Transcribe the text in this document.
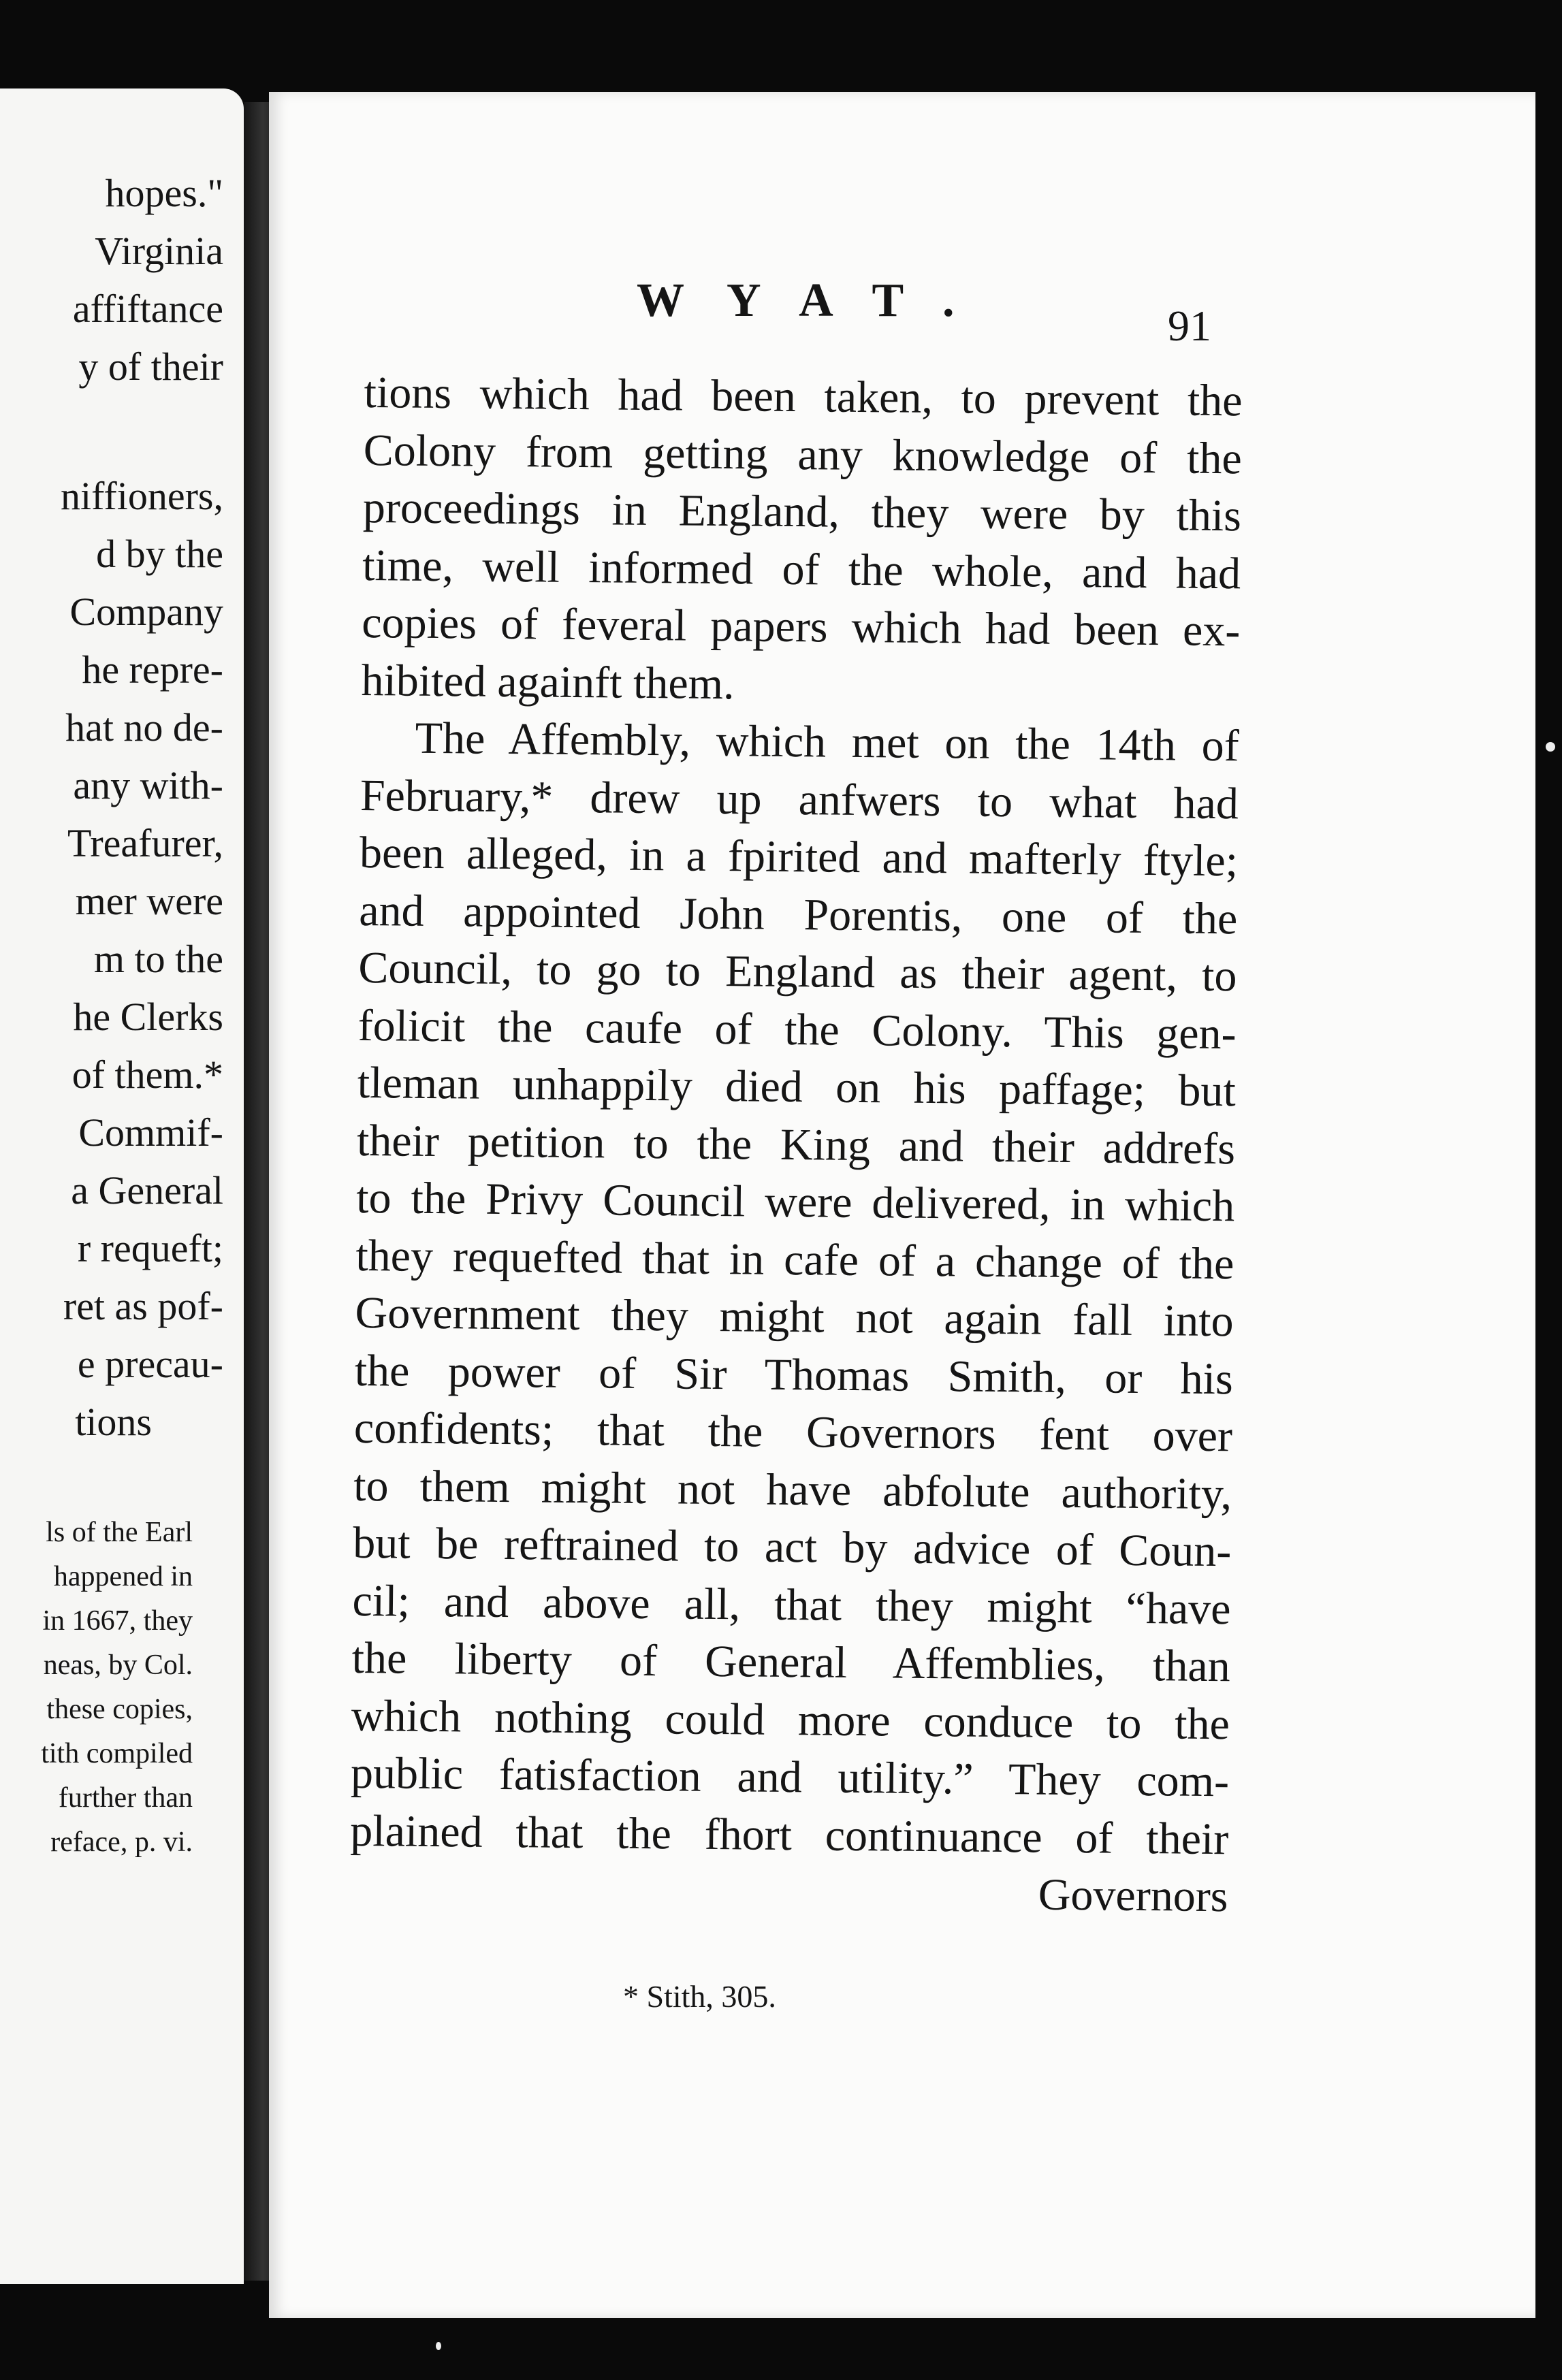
hopes."
Virginia
affiftance
y of their
niffioners,
d by the
Company
he repre-
hat no de-
any with-
Treafurer,
mer were
m to the
he Clerks
of them.*
Commif-
a General
r requeft;
ret as pof-
e precau-
tions
ls of the Earl
happened in
in 1667, they
neas, by Col.
these copies,
tith compiled
further than
reface, p. vi.
WYAT.	91
tions which had been taken, to prevent the
Colony from getting any knowledge of the
proceedings in England, they were by this
time, well informed of the whole, and had
copies of feveral papers which had been ex-
hibited againft them.
The Affembly, which met on the 14th of
February,* drew up anfwers to what had
been alleged, in a fpirited and mafterly ftyle;
and appointed John Porentis, one of the
Council, to go to England as their agent, to
folicit the caufe of the Colony. This gen-
tleman unhappily died on his paffage; but
their petition to the King and their addrefs
to the Privy Council were delivered, in which
they requefted that in cafe of a change of the
Government they might not again fall into
the power of Sir Thomas Smith, or his
confidents; that the Governors fent over
to them might not have abfolute authority,
but be reftrained to act by advice of Coun-
cil; and above all, that they might “have
the liberty of General Affemblies, than
which nothing could more conduce to the
public fatisfaction and utility.” They com-
plained that the fhort continuance of their
Governors
* Stith, 305.
